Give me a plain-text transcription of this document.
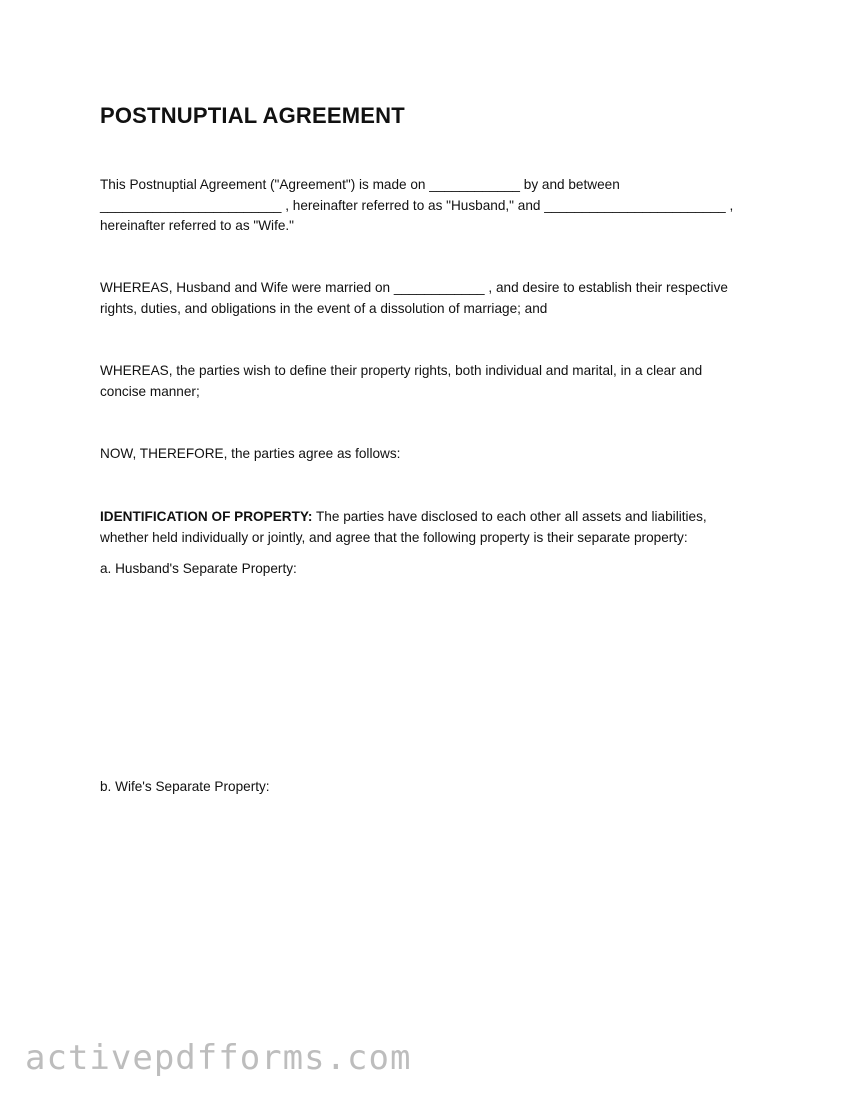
POSTNUPTIAL AGREEMENT

This Postnuptial Agreement ("Agreement") is made on ____________ by and between
________________________ , hereinafter referred to as "Husband," and ________________________ ,
hereinafter referred to as "Wife."

WHEREAS, Husband and Wife were married on ____________ , and desire to establish their respective
rights, duties, and obligations in the event of a dissolution of marriage; and

WHEREAS, the parties wish to define their property rights, both individual and marital, in a clear and
concise manner;

NOW, THEREFORE, the parties agree as follows:

IDENTIFICATION OF PROPERTY: The parties have disclosed to each other all assets and liabilities,
whether held individually or jointly, and agree that the following property is their separate property:

a. Husband's Separate Property:

b. Wife's Separate Property:

activepdfforms.com
